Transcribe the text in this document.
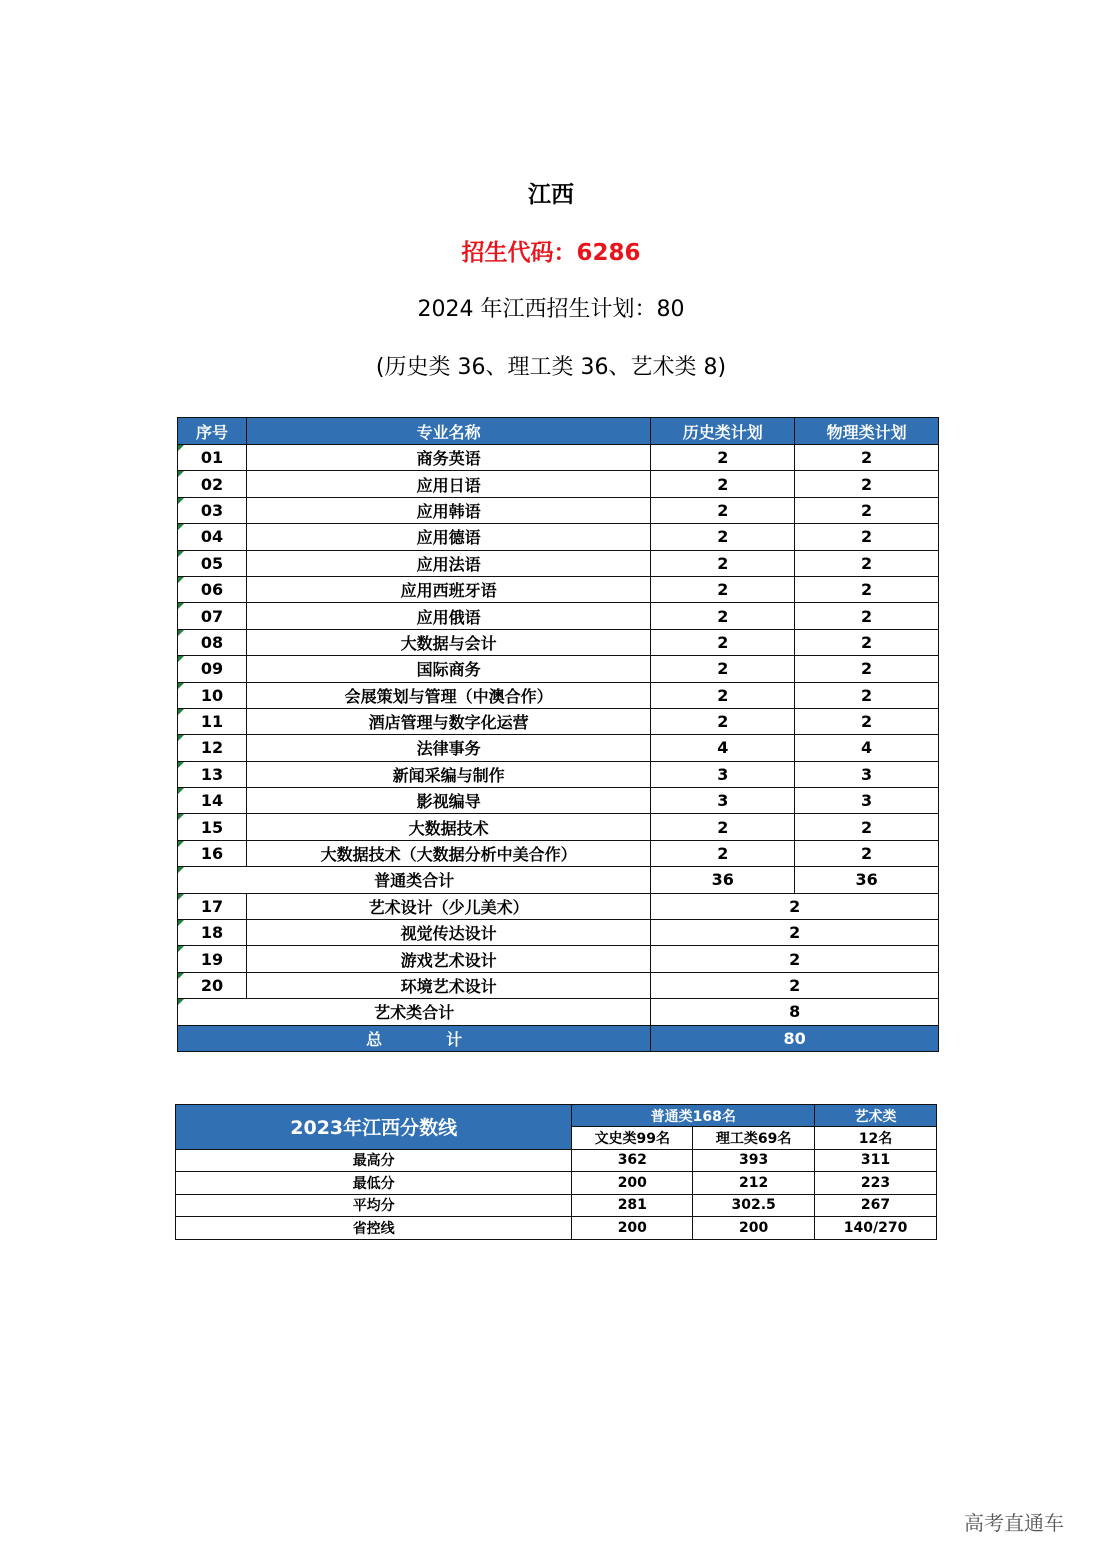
江西
招生代码：6286
2024 年江西招生计划：80
(历史类 36、理工类 36、艺术类 8)
序号	专业名称	历史类计划	物理类计划
01	商务英语	2	2
02	应用日语	2	2
03	应用韩语	2	2
04	应用德语	2	2
05	应用法语	2	2
06	应用西班牙语	2	2
07	应用俄语	2	2
08	大数据与会计	2	2
09	国际商务	2	2
10	会展策划与管理（中澳合作）	2	2
11	酒店管理与数字化运营	2	2
12	法律事务	4	4
13	新闻采编与制作	3	3
14	影视编导	3	3
15	大数据技术	2	2
16	大数据技术（大数据分析中美合作）	2	2
普通类合计		36	36
17	艺术设计（少儿美术）	2	
18	视觉传达设计	2	
19	游戏艺术设计	2	
20	环境艺术设计	2	
艺术类合计		8	
总 计		80	
2023年江西分数线	普通类168名		艺术类
	文史类99名	理工类69名	12名
最高分	362	393	311
最低分	200	212	223
平均分	281	302.5	267
省控线	200	200	140/270
高考直通车
